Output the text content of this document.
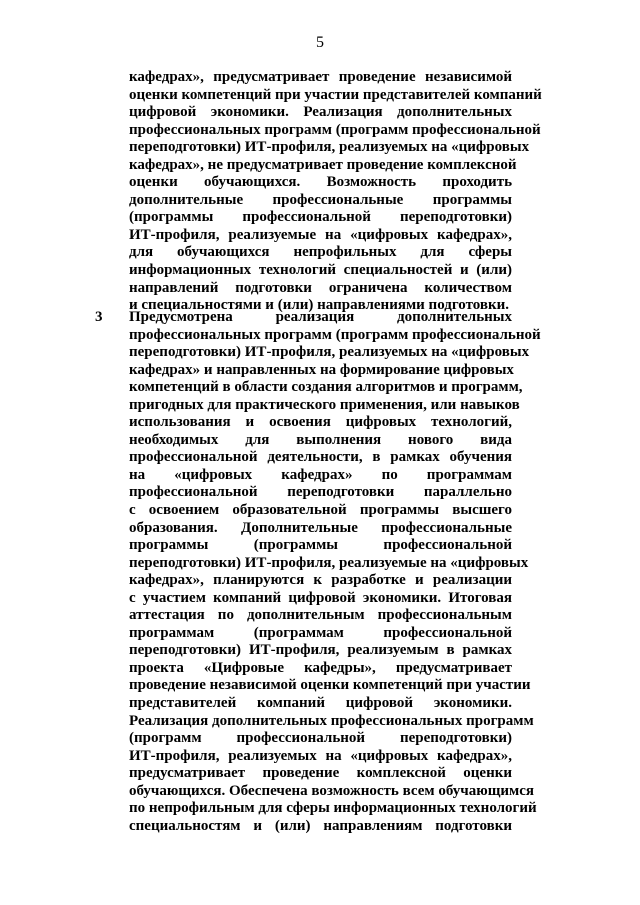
5
кафедрах», предусматривает проведение независимой
оценки компетенций при участии представителей компаний
цифровой экономики. Реализация дополнительных
профессиональных программ (программ профессиональной
переподготовки) ИТ-профиля, реализуемых на «цифровых
кафедрах», не предусматривает проведение комплексной
оценки обучающихся. Возможность проходить
дополнительные профессиональные программы
(программы профессиональной переподготовки)
ИТ-профиля, реализуемые на «цифровых кафедрах»,
для обучающихся непрофильных для сферы
информационных технологий специальностей и (или)
направлений подготовки ограничена количеством
и специальностями и (или) направлениями подготовки.
3 Предусмотрена реализация дополнительных
профессиональных программ (программ профессиональной
переподготовки) ИТ-профиля, реализуемых на «цифровых
кафедрах» и направленных на формирование цифровых
компетенций в области создания алгоритмов и программ,
пригодных для практического применения, или навыков
использования и освоения цифровых технологий,
необходимых для выполнения нового вида
профессиональной деятельности, в рамках обучения
на «цифровых кафедрах» по программам
профессиональной переподготовки параллельно
с освоением образовательной программы высшего
образования. Дополнительные профессиональные
программы (программы профессиональной
переподготовки) ИТ-профиля, реализуемые на «цифровых
кафедрах», планируются к разработке и реализации
с участием компаний цифровой экономики. Итоговая
аттестация по дополнительным профессиональным
программам (программам профессиональной
переподготовки) ИТ-профиля, реализуемым в рамках
проекта «Цифровые кафедры», предусматривает
проведение независимой оценки компетенций при участии
представителей компаний цифровой экономики.
Реализация дополнительных профессиональных программ
(программ профессиональной переподготовки)
ИТ-профиля, реализуемых на «цифровых кафедрах»,
предусматривает проведение комплексной оценки
обучающихся. Обеспечена возможность всем обучающимся
по непрофильным для сферы информационных технологий
специальностям и (или) направлениям подготовки
